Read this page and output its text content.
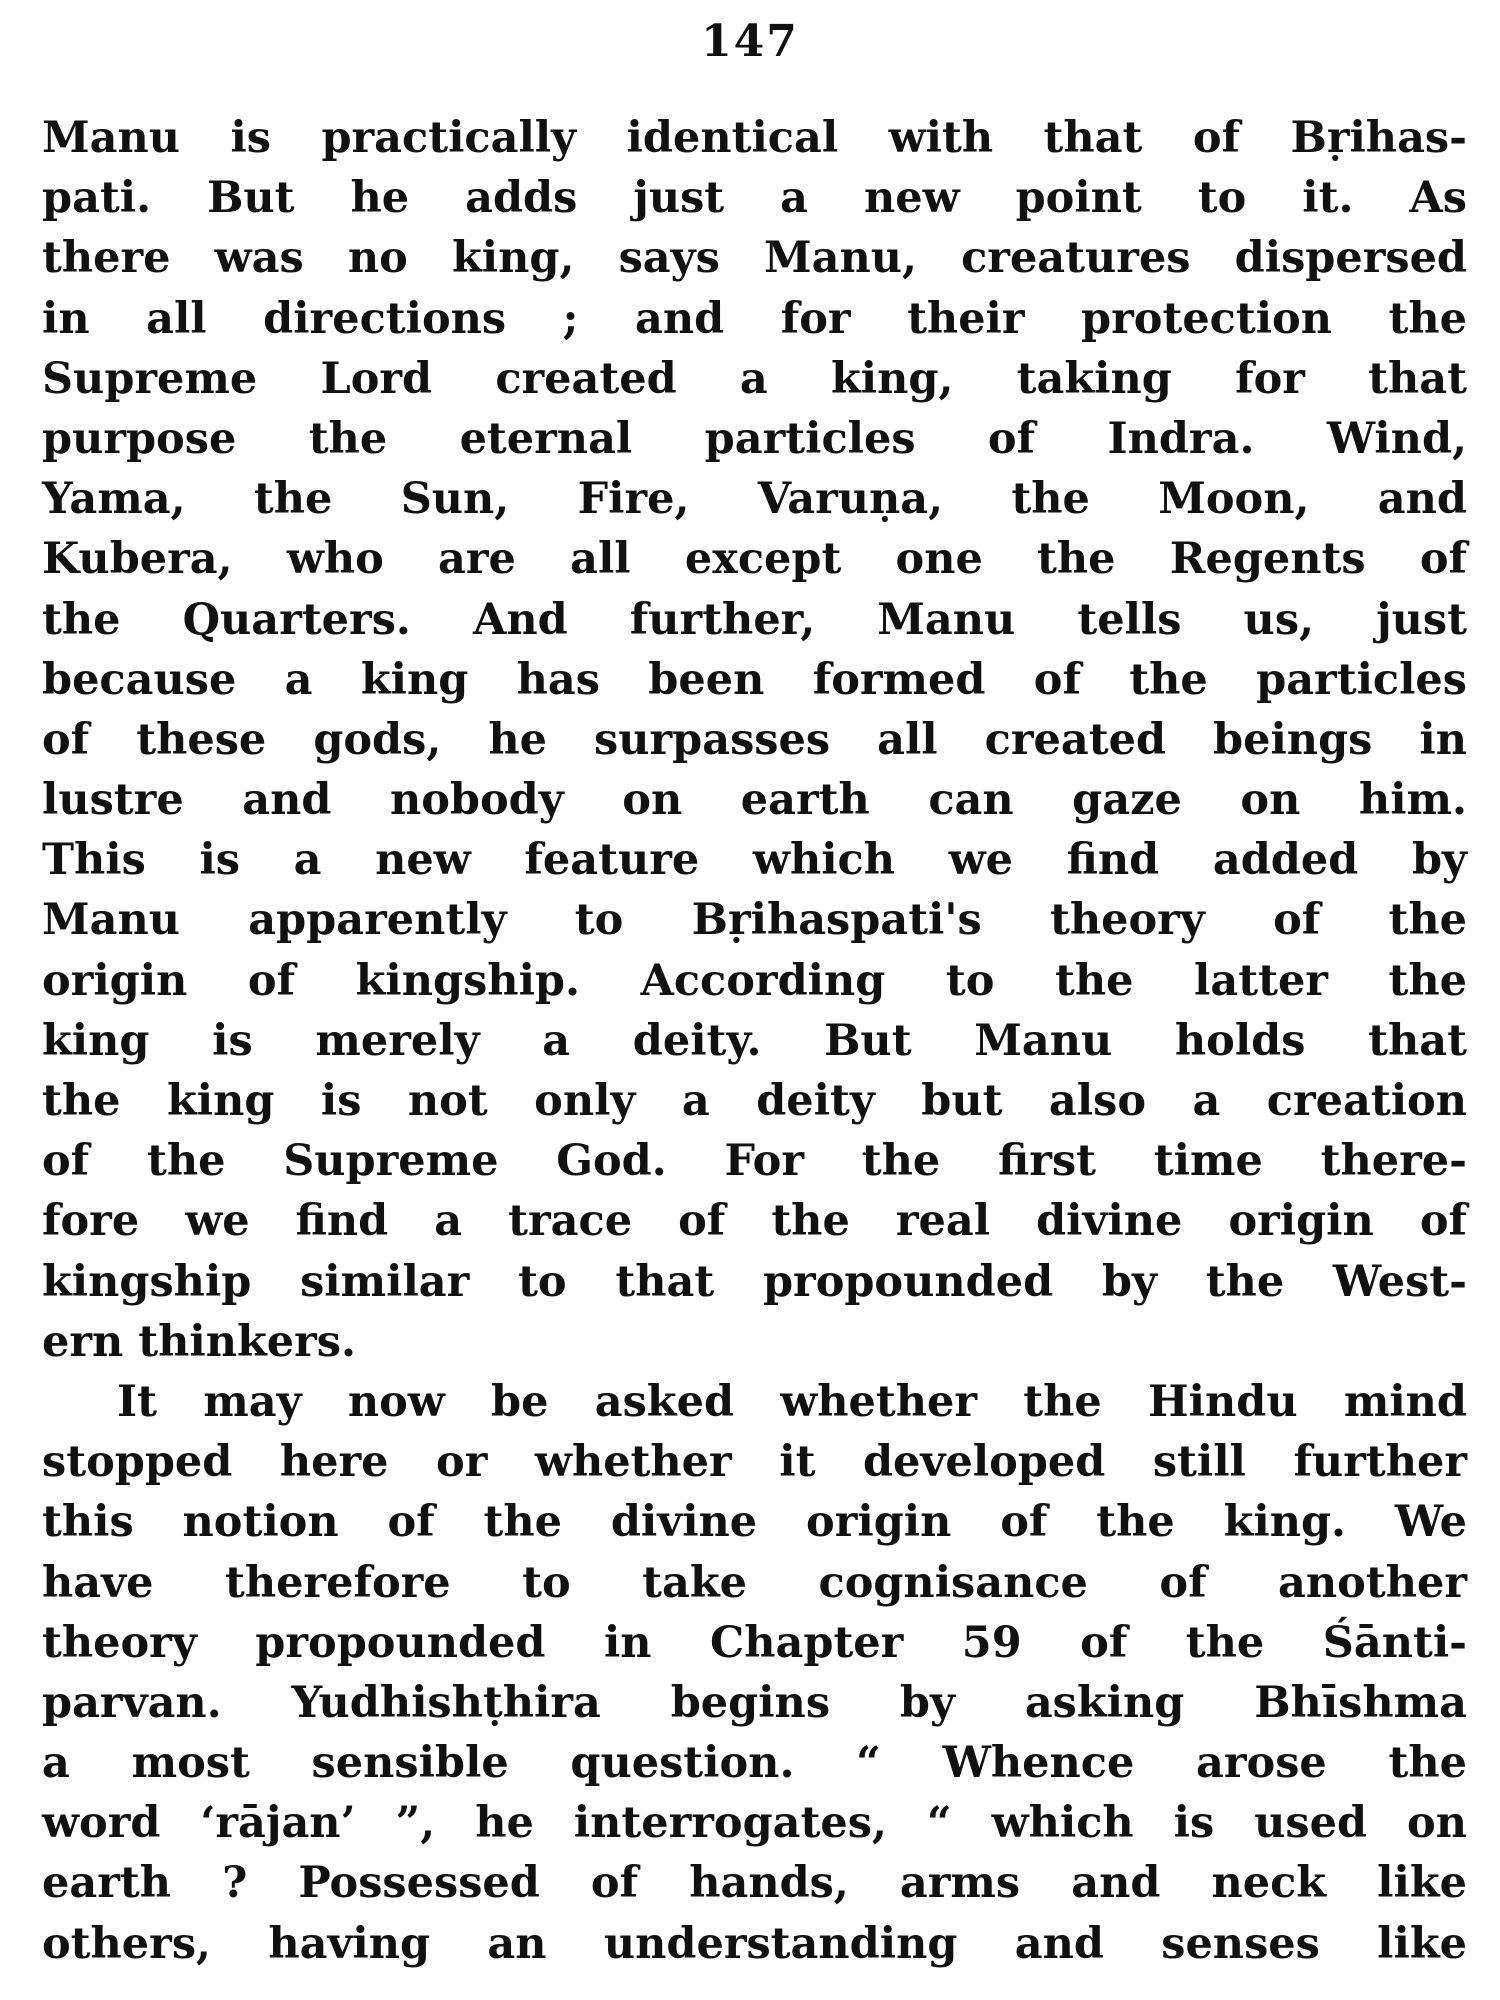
147
Manu is practically identical with that of Bṛihas-
pati. But he adds just a new point to it. As
there was no king, says Manu, creatures dispersed
in all directions ; and for their protection the
Supreme Lord created a king, taking for that
purpose the eternal particles of Indra. Wind,
Yama, the Sun, Fire, Varuṇa, the Moon, and
Kubera, who are all except one the Regents of
the Quarters. And further, Manu tells us, just
because a king has been formed of the particles
of these gods, he surpasses all created beings in
lustre and nobody on earth can gaze on him.
This is a new feature which we find added by
Manu apparently to Bṛihaspati's theory of the
origin of kingship. According to the latter the
king is merely a deity. But Manu holds that
the king is not only a deity but also a creation
of the Supreme God. For the first time there-
fore we find a trace of the real divine origin of
kingship similar to that propounded by the West-
ern thinkers.
It may now be asked whether the Hindu mind
stopped here or whether it developed still further
this notion of the divine origin of the king. We
have therefore to take cognisance of another
theory propounded in Chapter 59 of the Śānti-
parvan. Yudhishṭhira begins by asking Bhīshma
a most sensible question. “ Whence arose the
word ‘rājan’ ”, he interrogates, “ which is used on
earth ? Possessed of hands, arms and neck like
others, having an understanding and senses like
